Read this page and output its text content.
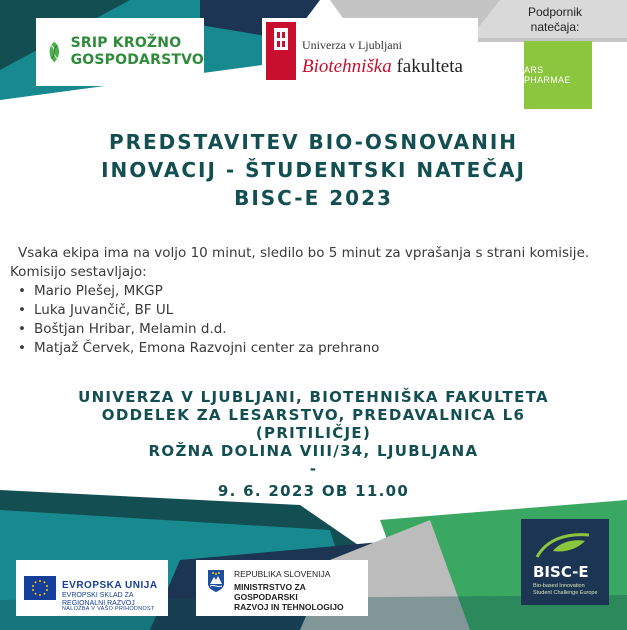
SRIP KROŽNO
GOSPODARSTVO
Univerza v Ljubljani
Biotehniška fakulteta
Podpornik
natečaja:
ARS PHARMAE
PREDSTAVITEV BIO-OSNOVANIH
INOVACIJ - ŠTUDENTSKI NATEČAJ
BISC-E 2023
Vsaka ekipa ima na voljo 10 minut, sledilo bo 5 minut za vprašanja s strani komisije.
Komisijo sestavljajo:
• Mario Plešej, MKGP
• Luka Juvančič, BF UL
• Boštjan Hribar, Melamin d.d.
• Matjaž Červek, Emona Razvojni center za prehrano
UNIVERZA V LJUBLJANI, BIOTEHNIŠKA FAKULTETA
ODDELEK ZA LESARSTVO, PREDAVALNICA L6
(PRITILIČJE)
ROŽNA DOLINA VIII/34, LJUBLJANA
-
9. 6. 2023 OB 11.00
EVROPSKA UNIJA
EVROPSKI SKLAD ZA
REGIONALNI RAZVOJ
NALOŽBA V VAŠO PRIHODNOST
REPUBLIKA SLOVENIJA
MINISTRSTVO ZA GOSPODARSKI
RAZVOJ IN TEHNOLOGIJO
BISC-E
Bio-based Innovation
Student Challenge Europe
